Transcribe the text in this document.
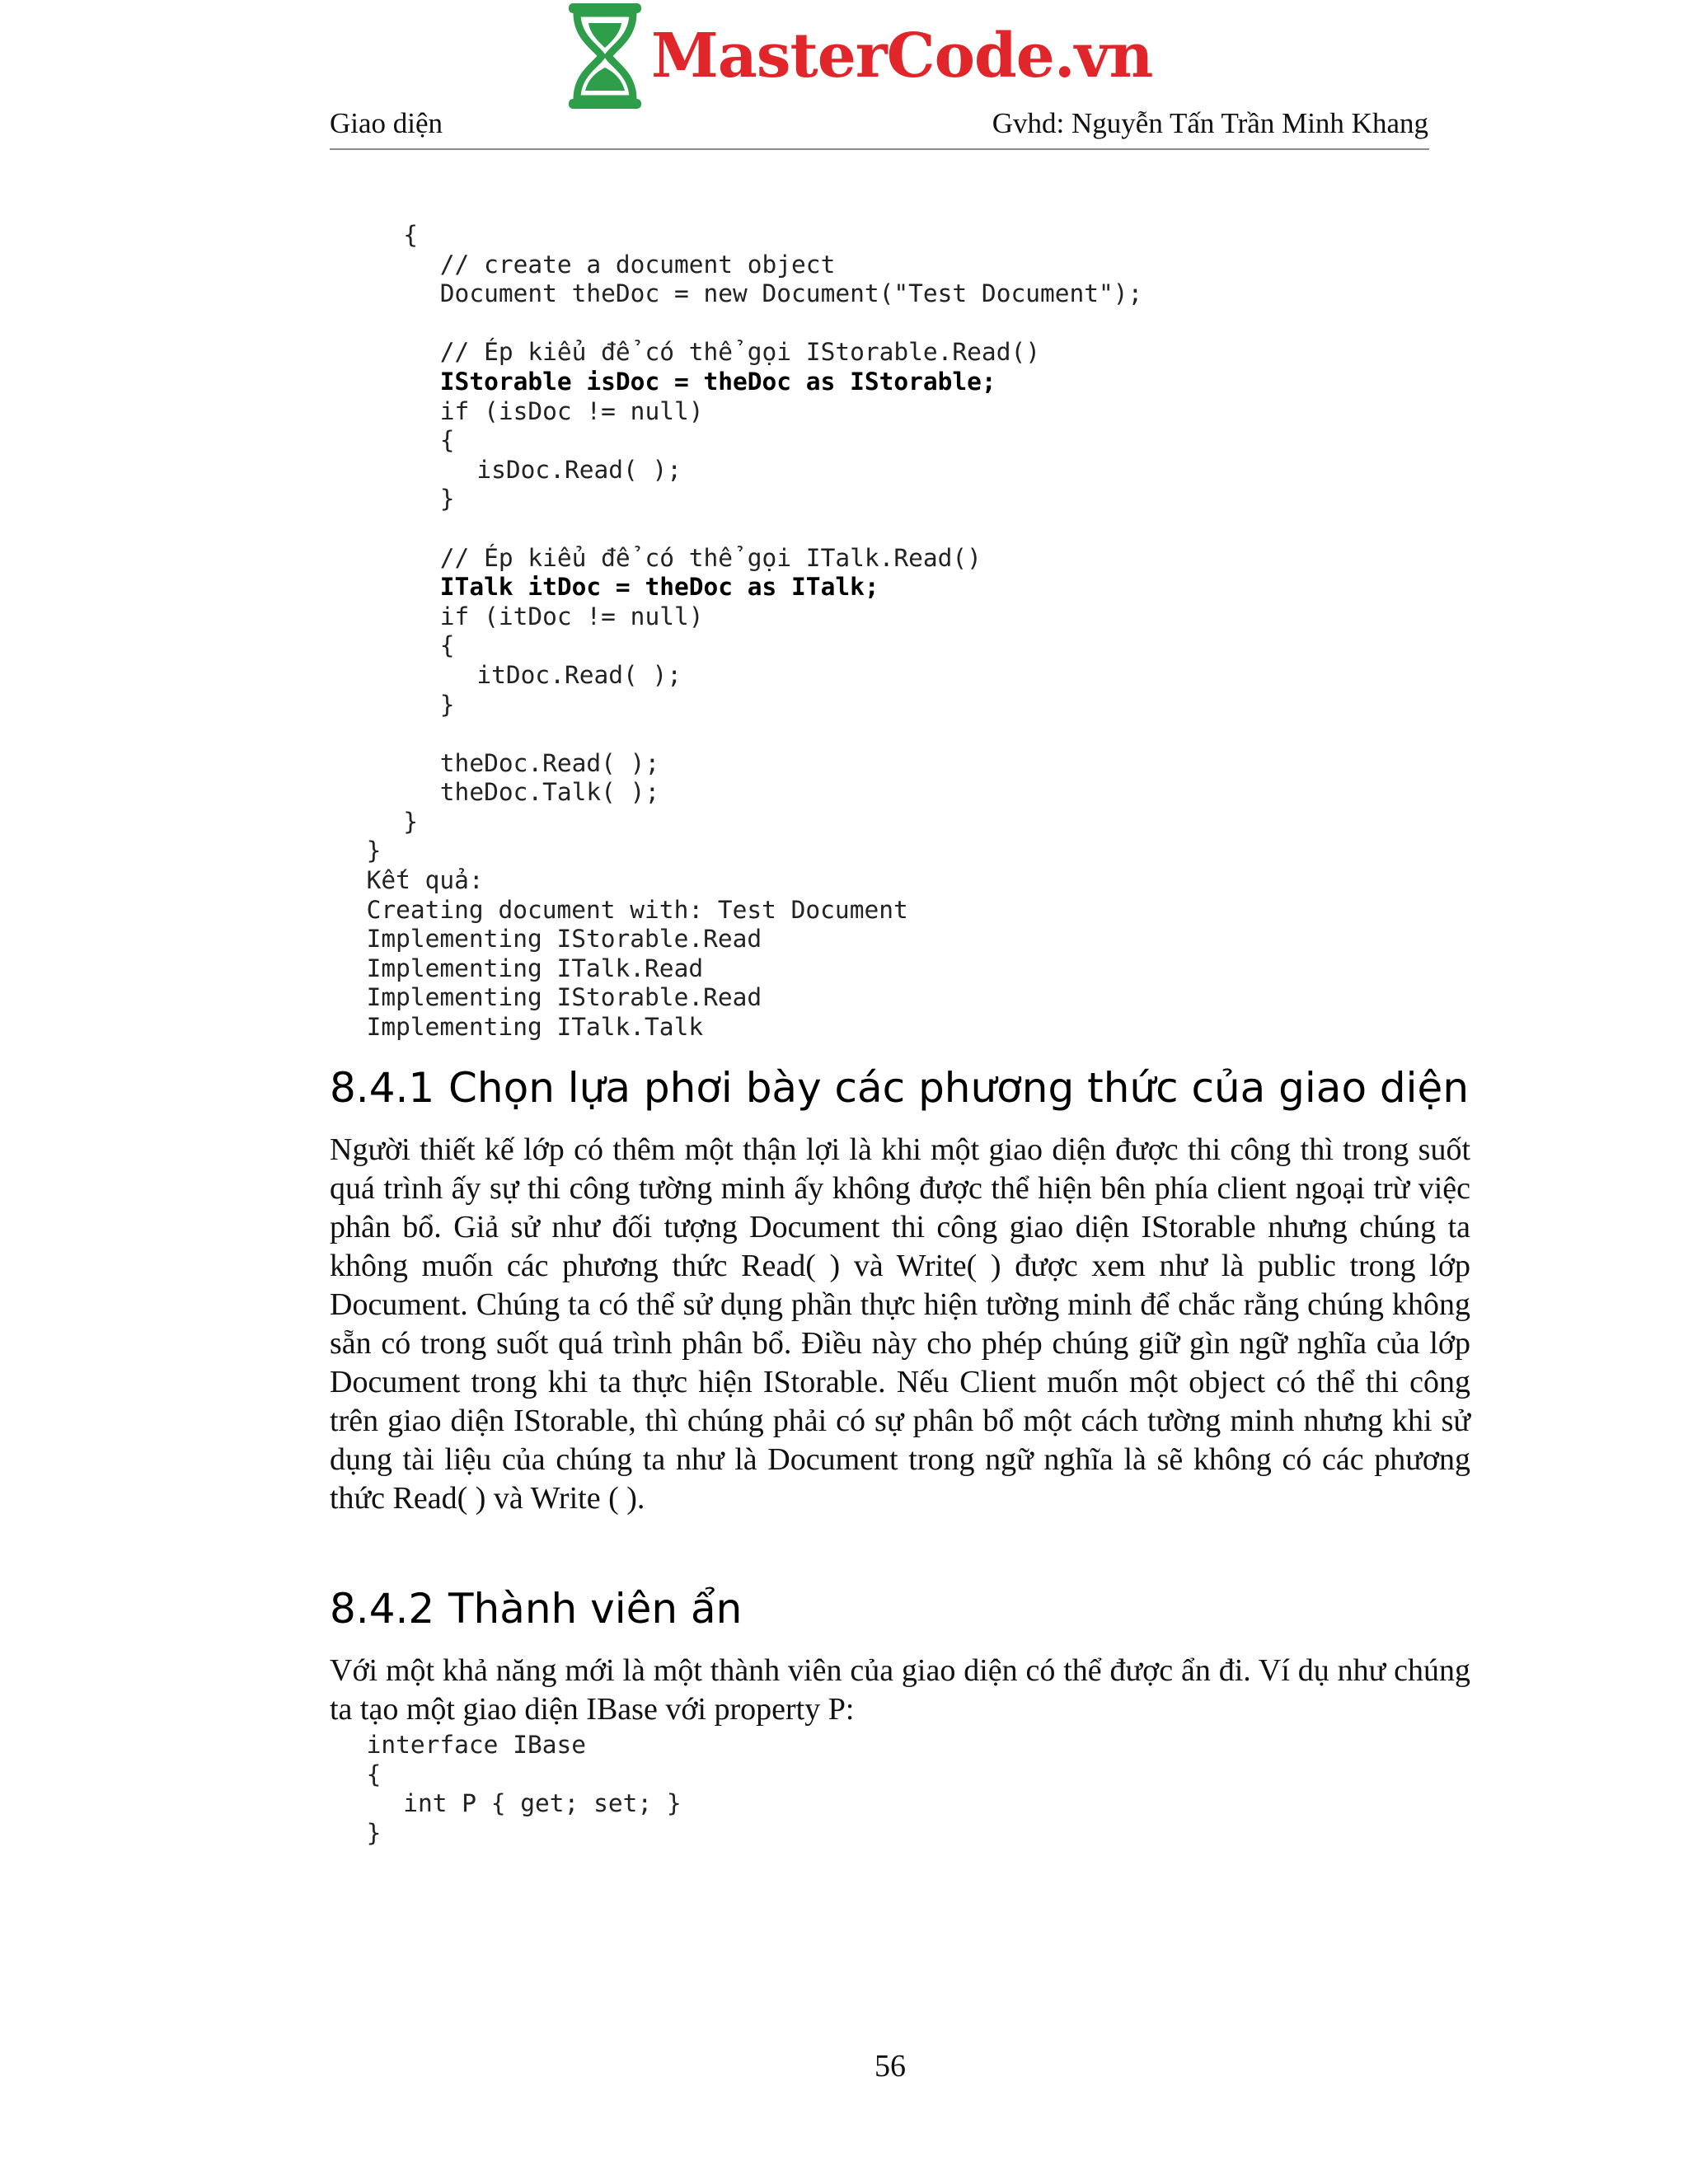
MasterCode.vn
Giao diện	Gvhd: Nguyễn Tấn Trần Minh Khang
{
// create a document object
Document theDoc = new Document("Test Document");
// Ép kiểu để có thể gọi IStorable.Read()
IStorable isDoc = theDoc as IStorable;
if (isDoc != null)
{
isDoc.Read( );
}
// Ép kiểu để có thể gọi ITalk.Read()
ITalk itDoc = theDoc as ITalk;
if (itDoc != null)
{
itDoc.Read( );
}
theDoc.Read( );
theDoc.Talk( );
}
}
Kết quả:
Creating document with: Test Document
Implementing IStorable.Read
Implementing ITalk.Read
Implementing IStorable.Read
Implementing ITalk.Talk
8.4.1 Chọn lựa phơi bày các phương thức của giao diện
Người thiết kế lớp có thêm một thận lợi là khi một giao diện được thi công thì trong suốt quá trình ấy sự thi công tường minh ấy không được thể hiện bên phía client ngoại trừ việc phân bổ. Giả sử như đối tượng Document thi công giao diện IStorable nhưng chúng ta không muốn các phương thức Read( ) và Write( ) được xem như là public trong lớp Document. Chúng ta có thể sử dụng phần thực hiện tường minh để chắc rằng chúng không sẵn có trong suốt quá trình phân bổ. Điều này cho phép chúng giữ gìn ngữ nghĩa của lớp Document trong khi ta thực hiện IStorable. Nếu Client muốn một object có thể thi công trên giao diện IStorable, thì chúng phải có sự phân bổ một cách tường minh nhưng khi sử dụng tài liệu của chúng ta như là Document trong ngữ nghĩa là sẽ không có các phương thức Read( ) và Write ( ).
8.4.2 Thành viên ẩn
Với một khả năng mới là một thành viên của giao diện có thể được ẩn đi. Ví dụ như chúng ta tạo một giao diện IBase với property P:
interface IBase
{
int P { get; set; }
}
56
